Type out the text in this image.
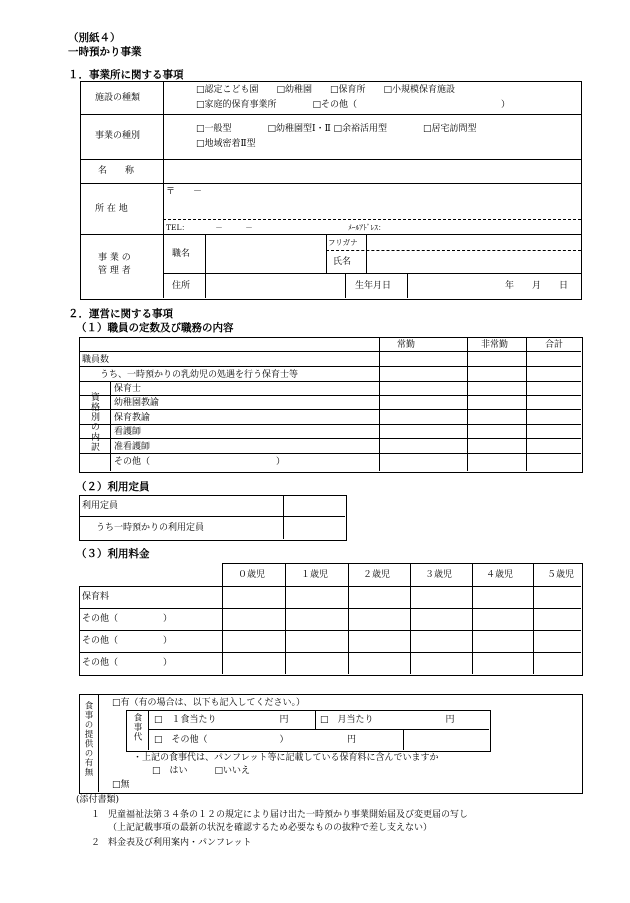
（別紙４）
一時預かり事業
１．事業所に関する事項
施設の種類
□認定こども園　　□幼稚園　　□保育所　　□小規模保育施設
□家庭的保育事業所　　　　□その他（　　　　　　　　　　　　　　　　）
事業の種別
□一般型　　　　□幼稚園型Ⅰ・Ⅱ □余裕活用型　　　　□居宅訪問型
□地域密着Ⅱ型
名　　称
所 在 地
〒　　－
TEL：　　　　－　　　－	ﾒｰﾙｱﾄﾞﾚｽ：
事 業 の
管 理 者
職名
フリガナ
氏名
住所	生年月日	年　　月　　日
２．運営に関する事項
（１）職員の定数及び職務の内容
常勤	非常勤	合計
職員数
うち、一時預かりの乳幼児の処遇を行う保育士等
資格別の内訳
保育士
幼稚園教諭
保育教諭
看護師
准看護師
その他（　　　　　　　　　　　　　　）
（２）利用定員
利用定員
うち一時預かりの利用定員
（３）利用料金
０歳児	１歳児	２歳児	３歳児	４歳児	５歳児
保育料
その他（　　　　　）
その他（　　　　　）
その他（　　　　　）
食事の提供の有無 □有（有の場合は、以下も記入してください。）
食事代 □　１食当たり　　　　　　　円	□　月当たり　　　　　　　　円
□　その他（　　　　　　　　）　　　　　　　円
・上記の食事代は、パンフレット等に記載している保育料に含んでいますか
□　はい　　　□いいえ
□無
(添付書類)
１ 児童福祉法第３４条の１２の規定により届け出た一時預かり事業開始届及び変更届の写し
（上記記載事項の最新の状況を確認するため必要なものの抜粋で差し支えない）
２ 料金表及び利用案内・パンフレット
